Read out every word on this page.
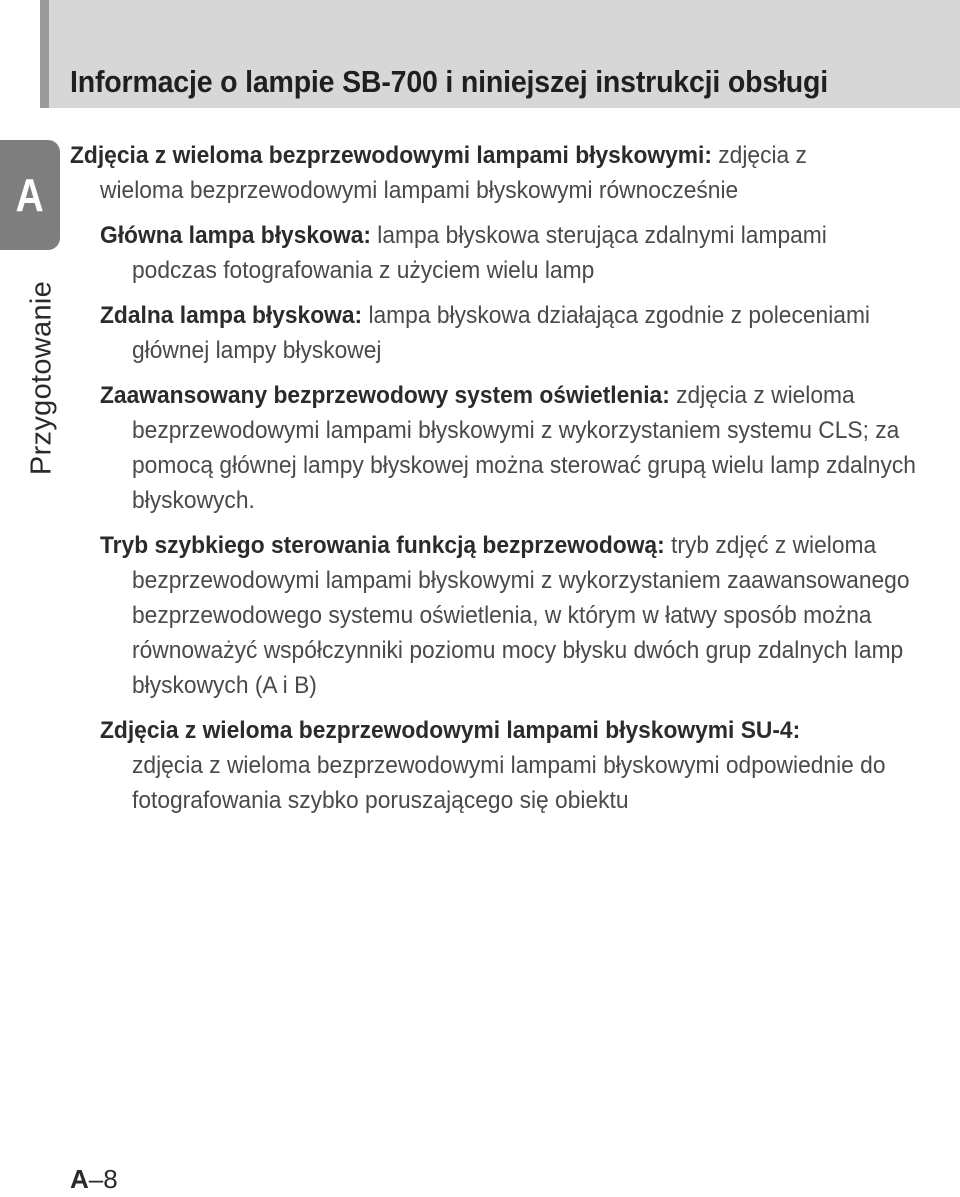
Informacje o lampie SB-700 i niniejszej instrukcji obsługi
A
Przygotowanie
Zdjęcia z wieloma bezprzewodowymi lampami błyskowymi: zdjęcia z
wieloma bezprzewodowymi lampami błyskowymi równocześnie
Główna lampa błyskowa: lampa błyskowa sterująca zdalnymi lampami
podczas fotografowania z użyciem wielu lamp
Zdalna lampa błyskowa: lampa błyskowa działająca zgodnie z poleceniami
głównej lampy błyskowej
Zaawansowany bezprzewodowy system oświetlenia: zdjęcia z wieloma
bezprzewodowymi lampami błyskowymi z wykorzystaniem systemu CLS; za
pomocą głównej lampy błyskowej można sterować grupą wielu lamp zdalnych
błyskowych.
Tryb szybkiego sterowania funkcją bezprzewodową: tryb zdjęć z wieloma
bezprzewodowymi lampami błyskowymi z wykorzystaniem zaawansowanego
bezprzewodowego systemu oświetlenia, w którym w łatwy sposób można
równoważyć współczynniki poziomu mocy błysku dwóch grup zdalnych lamp
błyskowych (A i B)
Zdjęcia z wieloma bezprzewodowymi lampami błyskowymi SU-4:
zdjęcia z wieloma bezprzewodowymi lampami błyskowymi odpowiednie do
fotografowania szybko poruszającego się obiektu
A–8
